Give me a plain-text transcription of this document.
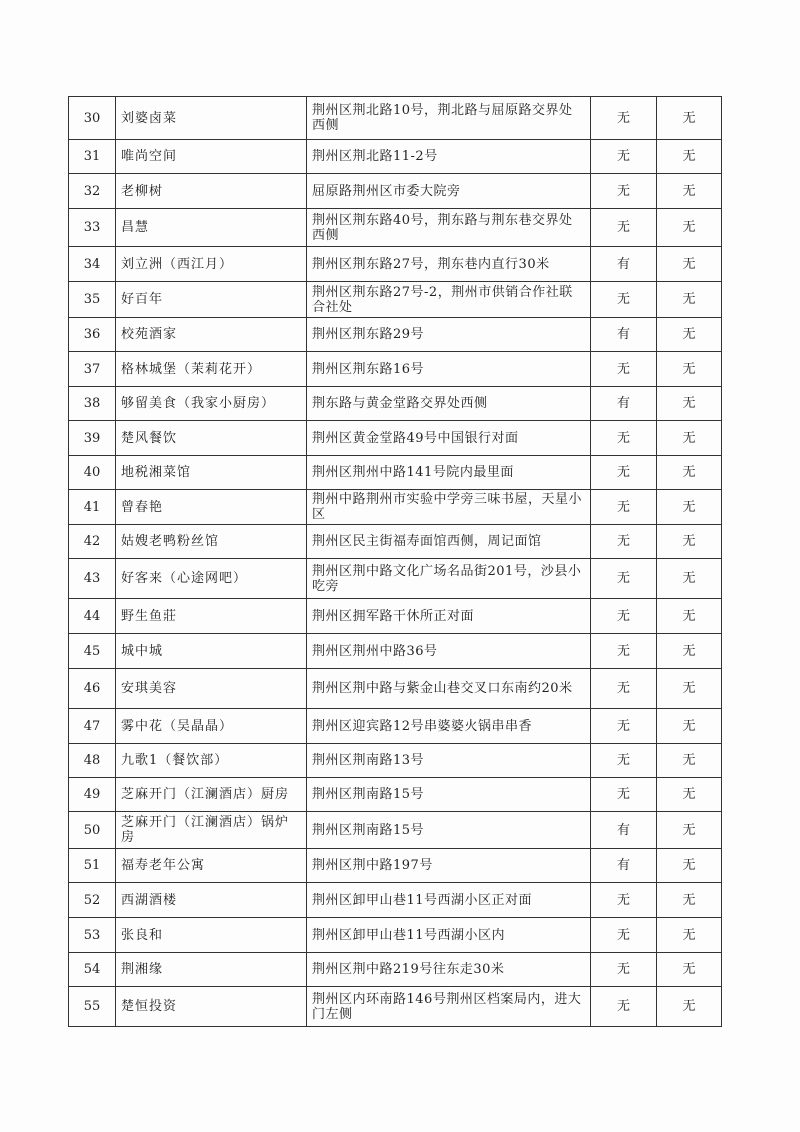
30	刘婆卤菜	荆州区荆北路10号，荆北路与屈原路交界处西侧	无	无
31	唯尚空间	荆州区荆北路11-2号	无	无
32	老柳树	屈原路荆州区市委大院旁	无	无
33	昌慧	荆州区荆东路40号，荆东路与荆东巷交界处西侧	无	无
34	刘立洲（西江月）	荆州区荆东路27号，荆东巷内直行30米	有	无
35	好百年	荆州区荆东路27号-2，荆州市供销合作社联合社处	无	无
36	校苑酒家	荆州区荆东路29号	有	无
37	格林城堡（茉莉花开）	荆州区荆东路16号	无	无
38	够留美食（我家小厨房）	荆东路与黄金堂路交界处西侧	有	无
39	楚风餐饮	荆州区黄金堂路49号中国银行对面	无	无
40	地税湘菜馆	荆州区荆州中路141号院内最里面	无	无
41	曾春艳	荆州中路荆州市实验中学旁三味书屋，天星小区	无	无
42	姑嫂老鸭粉丝馆	荆州区民主街福寿面馆西侧，周记面馆	无	无
43	好客来（心途网吧）	荆州区荆中路文化广场名品街201号，沙县小吃旁	无	无
44	野生鱼莊	荆州区拥军路干休所正对面	无	无
45	城中城	荆州区荆州中路36号	无	无
46	安琪美容	荆州区荆中路与紫金山巷交叉口东南约20米	无	无
47	雾中花（吴晶晶）	荆州区迎宾路12号串婆婆火锅串串香	无	无
48	九歌1（餐饮部）	荆州区荆南路13号	无	无
49	芝麻开门（江澜酒店）厨房	荆州区荆南路15号	无	无
50	芝麻开门（江澜酒店）锅炉房	荆州区荆南路15号	有	无
51	福寿老年公寓	荆州区荆中路197号	有	无
52	西湖酒楼	荆州区卸甲山巷11号西湖小区正对面	无	无
53	张良和	荆州区卸甲山巷11号西湖小区内	无	无
54	荆湘缘	荆州区荆中路219号往东走30米	无	无
55	楚恒投资	荆州区内环南路146号荆州区档案局内，进大门左侧	无	无
